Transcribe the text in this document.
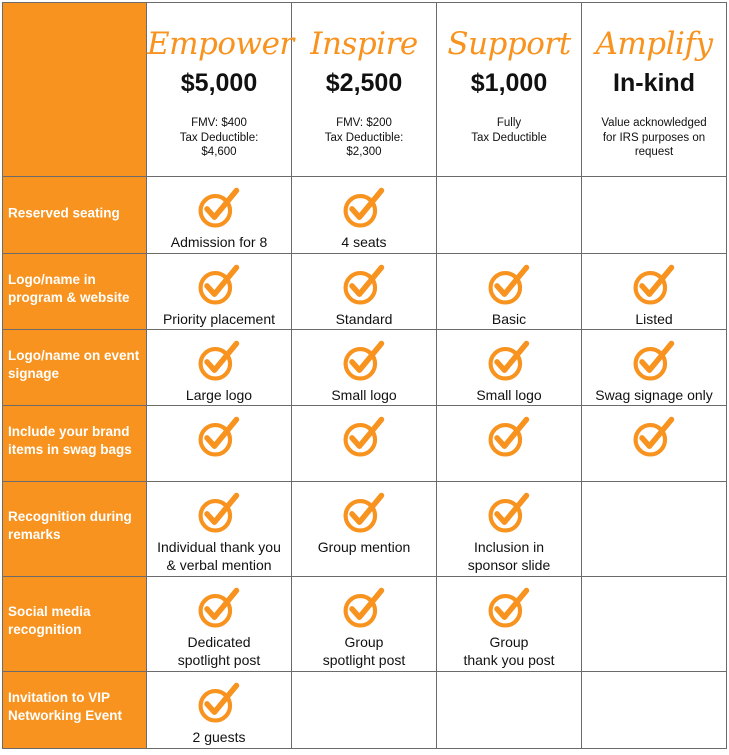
	Empower
$5,000
FMV: $400
Tax Deductible:
$4,600	Inspire
$2,500
FMV: $200
Tax Deductible:
$2,300	Support
$1,000
Fully
Tax Deductible	Amplify
In-kind
Value acknowledged
for IRS purposes on
request

Reserved seating	Admission for 8	4 seats		

Logo/name in program & website	Priority placement	Standard	Basic	Listed

Logo/name on event signage	Large logo	Small logo	Small logo	Swag signage only

Include your brand items in swag bags

Recognition during remarks	Individual thank you
& verbal mention	Group mention	Inclusion in
sponsor slide	

Social media recognition	Dedicated
spotlight post	Group
spotlight post	Group
thank you post	

Invitation to VIP Networking Event	2 guests			
